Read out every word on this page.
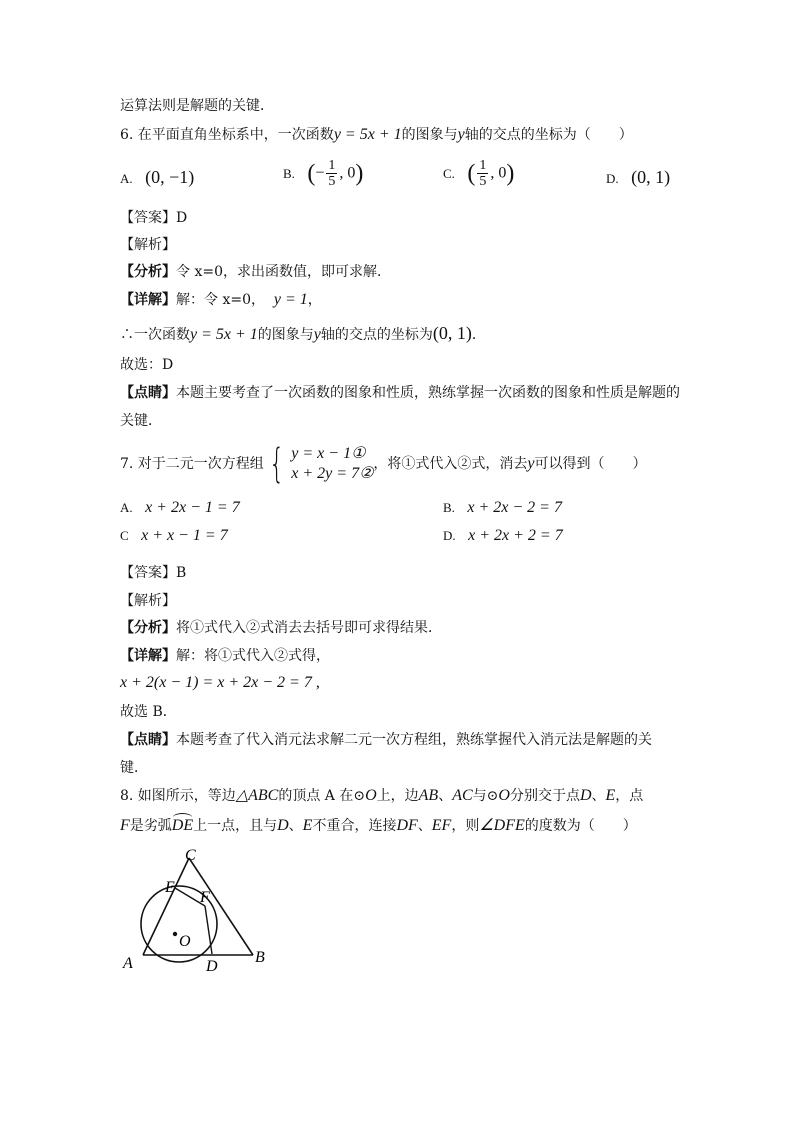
运算法则是解题的关键．
6. 在平面直角坐标系中，一次函数y = 5x + 1的图象与y轴的交点的坐标为（　　）
A. (0, −1)	B. (− $\frac{1}{5}$ , 0)	C. ( $\frac{1}{5}$ , 0)	D. (0, 1)
【答案】D
【解析】
【分析】令 x=0，求出函数值，即可求解．
【详解】解：令 x=0， y = 1，
∴一次函数y = 5x + 1的图象与y轴的交点的坐标为(0, 1)．
故选：D
【点睛】本题主要考查了一次函数的图象和性质，熟练掌握一次函数的图象和性质是解题的
关键．
7. 对于二元一次方程组 { y = x − 1①
x + 2y = 7②
，将①式代入②式，消去y可以得到（　　）
A. x + 2x − 1 = 7	B. x + 2x − 2 = 7
C x + x − 1 = 7	D. x + 2x + 2 = 7
【答案】B
【解析】
【分析】将①式代入②式消去去括号即可求得结果．
【详解】解：将①式代入②式得，
x + 2(x − 1) = x + 2x − 2 = 7 ,
故选 B．
【点睛】本题考查了代入消元法求解二元一次方程组，熟练掌握代入消元法是解题的关
键．
8. 如图所示，等边△ABC的顶点 A 在⊙O上，边AB、AC与⊙O分别交于点D、E，点
F是劣弧DE上一点，且与D、E不重合，连接DF、EF，则∠DFE的度数为（　　）
C
E
F
O
A	D
B
